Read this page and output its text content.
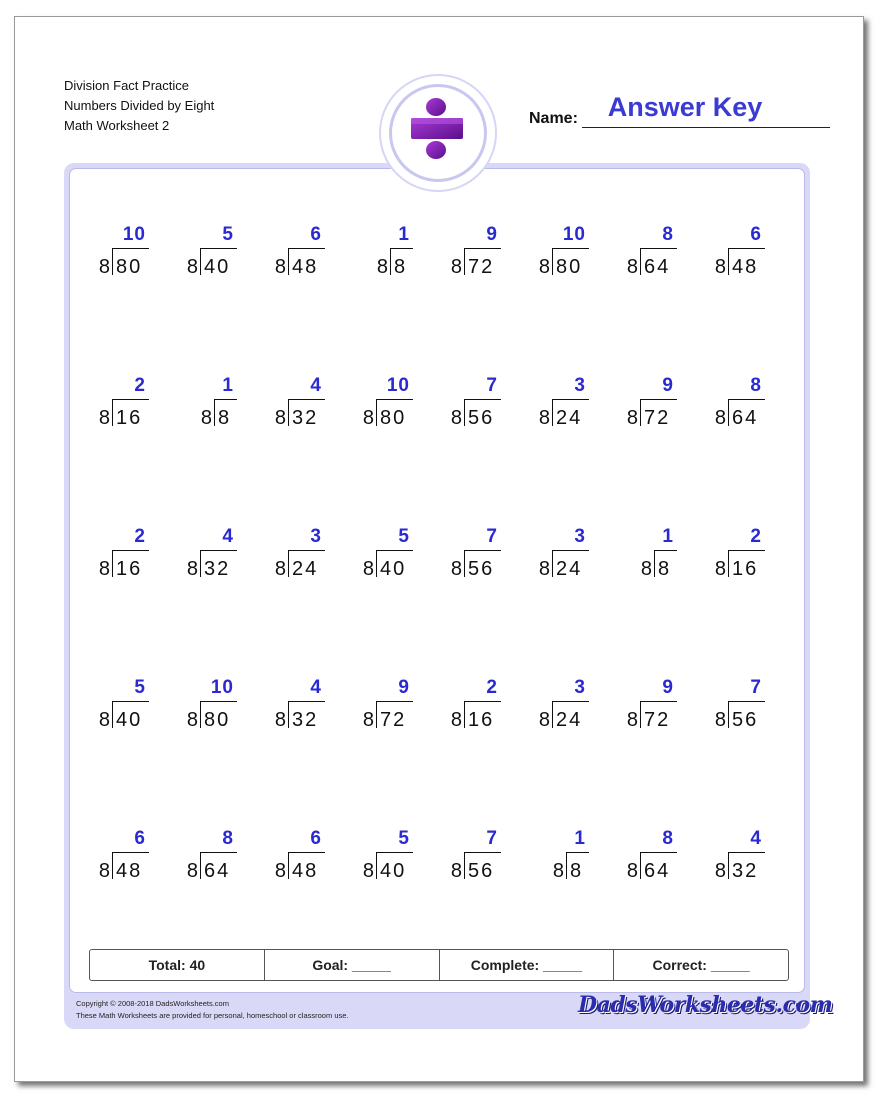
Division Fact Practice
Numbers Divided by Eight
Math Worksheet 2	Name:	Answer Key
10
8 80
5
8 40
6
8 48
1
8 8
9
8 72
10
8 80
8
8 64
6
8 48
2
8 16
1
8 8
4
8 32
10
8 80
7
8 56
3
8 24
9
8 72
8
8 64
2
8 16
4
8 32
3
8 24
5
8 40
7
8 56
3
8 24
1
8 8
2
8 16
5
8 40
10
8 80
4
8 32
9
8 72
2
8 16
3
8 24
9
8 72
7
8 56
6
8 48
8
8 64
6
8 48
5
8 40
7
8 56
1
8 8
8
8 64
4
8 32
Total: 40	Goal: _____	Complete: _____	Correct: _____
Copyright © 2008-2018 DadsWorksheets.com
These Math Worksheets are provided for personal, homeschool or classroom use.	DadsWorksheets.com
